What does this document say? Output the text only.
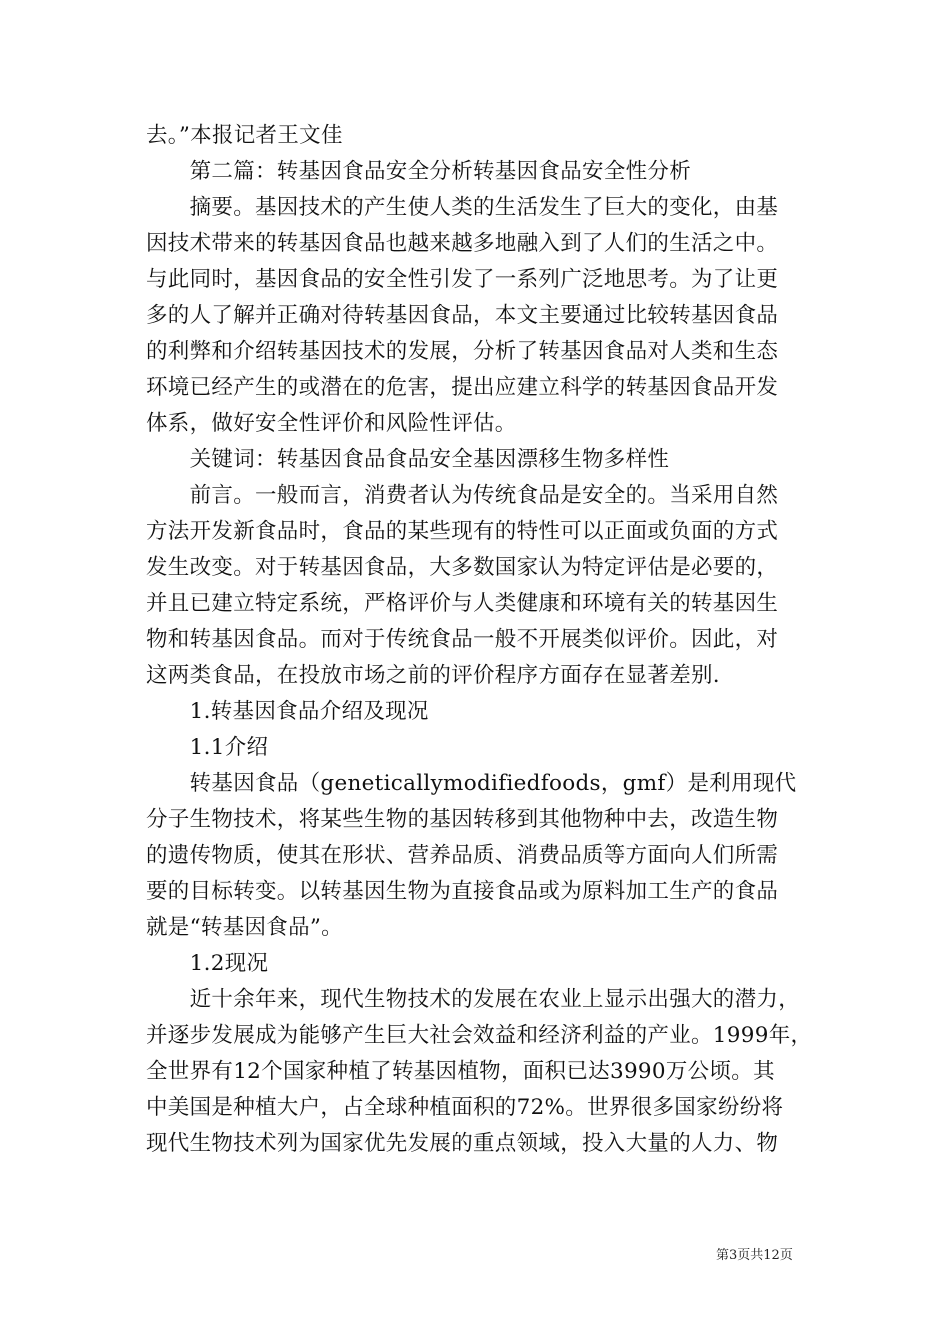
去。”本报记者王文佳
　　第二篇：转基因食品安全分析转基因食品安全性分析
　　摘要。基因技术的产生使人类的生活发生了巨大的变化，由基
因技术带来的转基因食品也越来越多地融入到了人们的生活之中。
与此同时，基因食品的安全性引发了一系列广泛地思考。为了让更
多的人了解并正确对待转基因食品，本文主要通过比较转基因食品
的利弊和介绍转基因技术的发展，分析了转基因食品对人类和生态
环境已经产生的或潜在的危害，提出应建立科学的转基因食品开发
体系，做好安全性评价和风险性评估。
　　关键词：转基因食品食品安全基因漂移生物多样性
　　前言。一般而言，消费者认为传统食品是安全的。当采用自然
方法开发新食品时，食品的某些现有的特性可以正面或负面的方式
发生改变。对于转基因食品，大多数国家认为特定评估是必要的，
并且已建立特定系统，严格评价与人类健康和环境有关的转基因生
物和转基因食品。而对于传统食品一般不开展类似评价。因此，对
这两类食品，在投放市场之前的评价程序方面存在显著差别.
　　1.转基因食品介绍及现况
　　1.1介绍
　　转基因食品（geneticallymodifiedfoods，gmf）是利用现代
分子生物技术，将某些生物的基因转移到其他物种中去，改造生物
的遗传物质，使其在形状、营养品质、消费品质等方面向人们所需
要的目标转变。以转基因生物为直接食品或为原料加工生产的食品
就是“转基因食品”。
　　1.2现况
　　近十余年来，现代生物技术的发展在农业上显示出强大的潜力，
并逐步发展成为能够产生巨大社会效益和经济利益的产业。1999年，
全世界有12个国家种植了转基因植物，面积已达3990万公顷。其
中美国是种植大户，占全球种植面积的72%。世界很多国家纷纷将
现代生物技术列为国家优先发展的重点领域，投入大量的人力、物
第3页共12页
